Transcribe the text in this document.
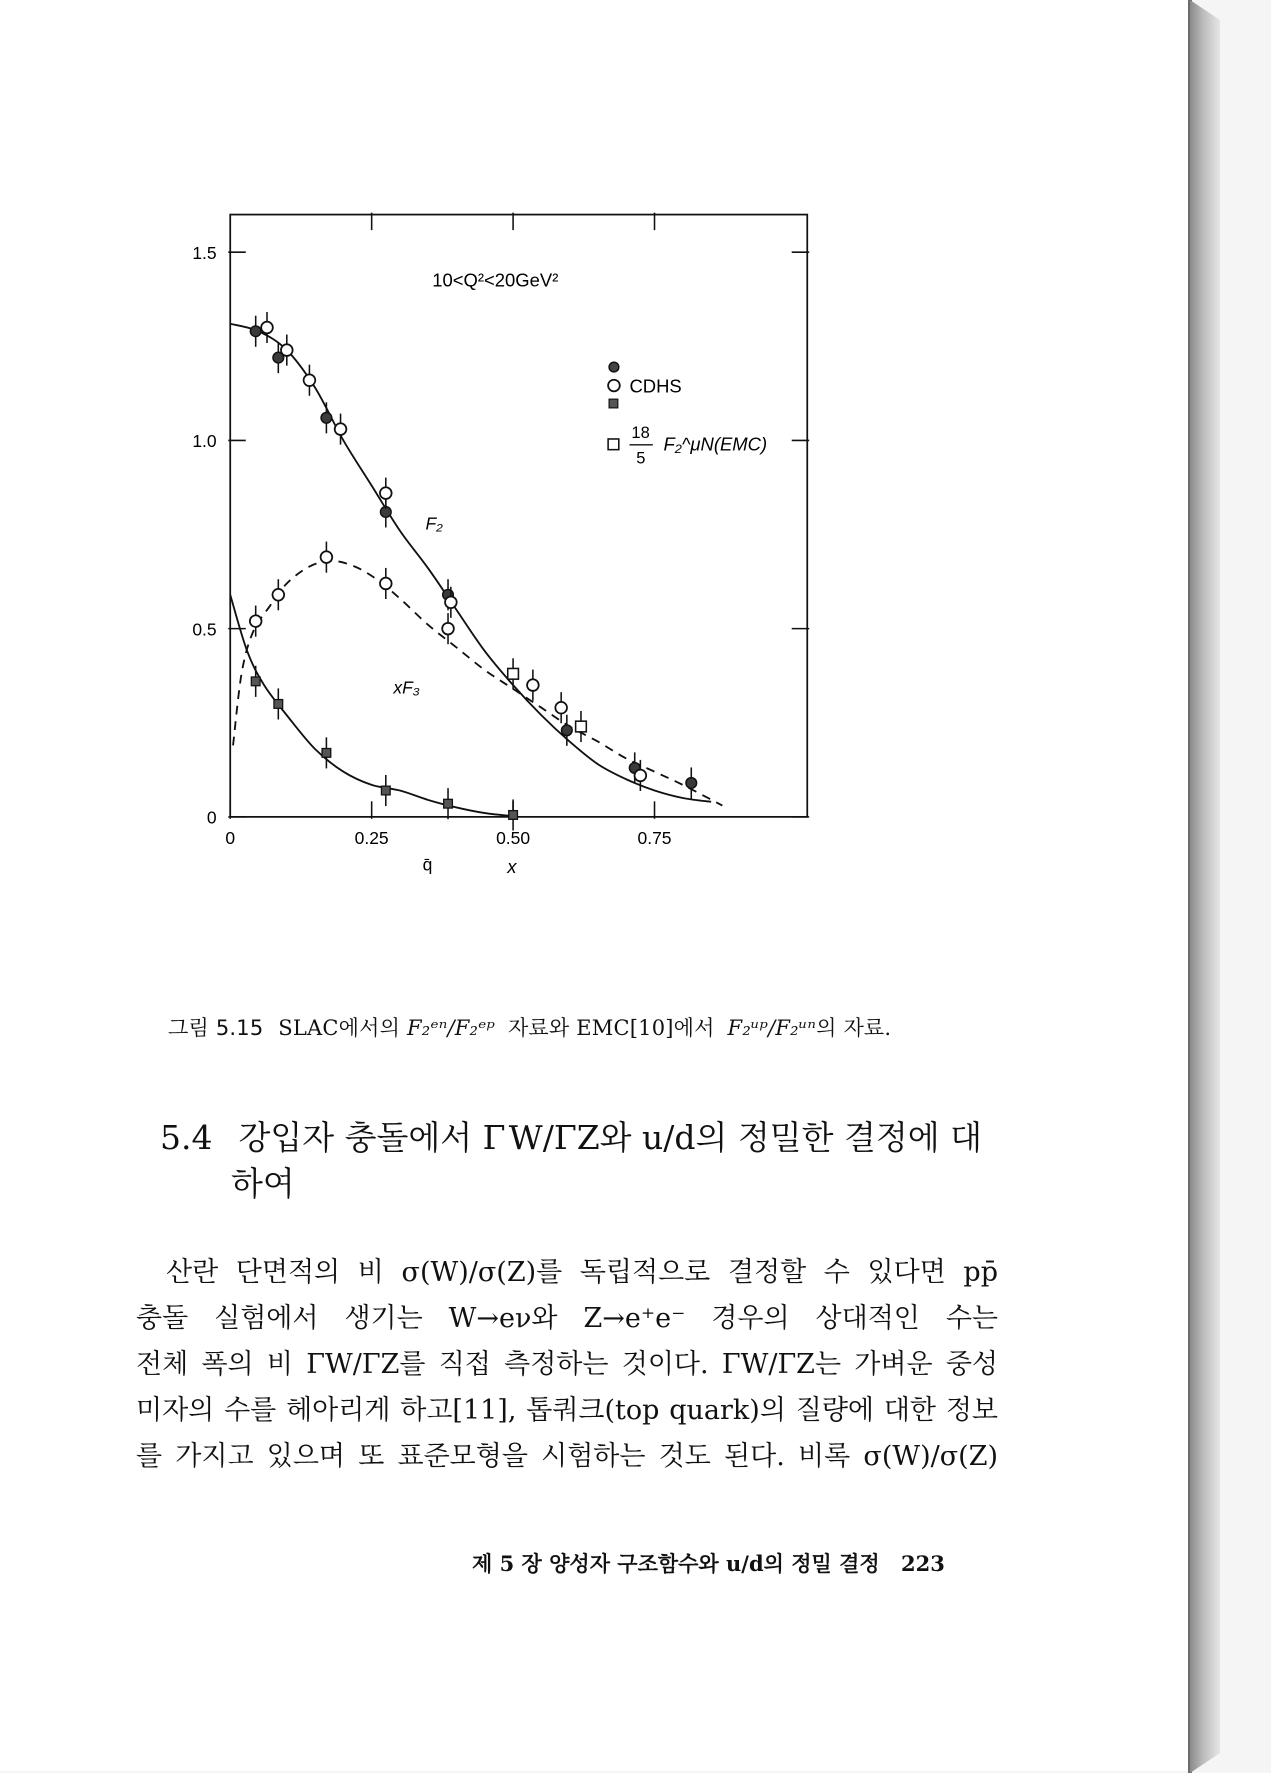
0
0.5
1.0
1.5
0	0.25	0.50	0.75
10<Q²<20GeV²
F₂
xF₃
q̄	x
CDHS
18
5
F₂^μN(EMC)
그림 5.15 SLAC에서의 F₂ᵉⁿ/F₂ᵉᵖ 자료와 EMC[10]에서 F₂ᵘᵖ/F₂ᵘⁿ의 자료.
5.4 강입자 충돌에서 Γ W/ΓZ와 u/d의 정밀한 결정에 대
하여
산란 단면적의 비 σ(W)/σ(Z)를 독립적으로 결정할 수 있다면 pp̄
충돌 실험에서 생기는 W→eν와 Z→e⁺e⁻ 경우의 상대적인 수는
전체 폭의 비 ΓW/ΓZ를 직접 측정하는 것이다. ΓW/ΓZ는 가벼운 중성
미자의 수를 헤아리게 하고[11], 톱쿼크(top quark)의 질량에 대한 정보
를 가지고 있으며 또 표준모형을 시험하는 것도 된다. 비록 σ(W)/σ(Z)
제 5 장 양성자 구조함수와 u/d의 정밀 결정 223
